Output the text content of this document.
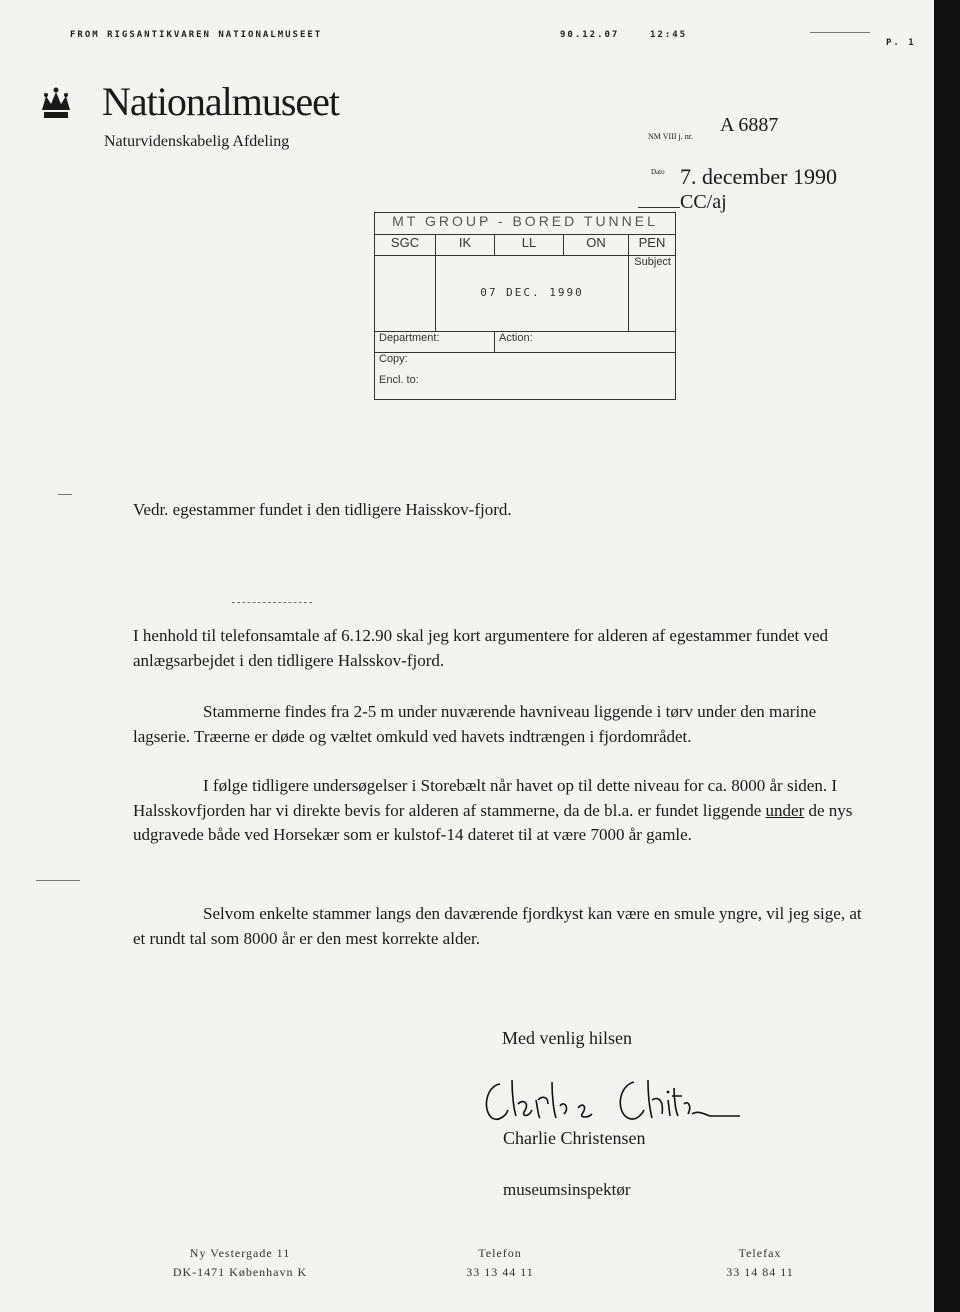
FROM RIGSANTIKVAREN NATIONALMUSEET	90.12.07	12:45
P. 1
Nationalmuseet
Naturvidenskabelig Afdeling	NM VIII j. nr.
A 6887
Dato 7. december 1990
CC/aj
MT GROUP - BORED TUNNEL				
SGC	IK	LL	ON	PEN
	07 DEC. 1990			Subject
Department:		Action:		
Copy:				
Encl. to:				
Vedr. egestammer fundet i den tidligere Haisskov-fjord.
I henhold til telefonsamtale af 6.12.90 skal jeg kort argumentere for alderen af egestammer fundet ved anlægsarbejdet i den tidligere Halsskov-fjord.
Stammerne findes fra 2-5 m under nuværende havniveau liggende i tørv under den marine lagserie. Træerne er døde og væltet omkuld ved havets indtrængen i fjordområdet.
I følge tidligere undersøgelser i Storebælt når havet op til dette niveau for ca. 8000 år siden. I Halsskovfjorden har vi direkte bevis for alderen af stammerne, da de bl.a. er fundet liggende under de nys udgravede både ved Horsekær som er kulstof-14 dateret til at være 7000 år gamle.
Selvom enkelte stammer langs den daværende fjordkyst kan være en smule yngre, vil jeg sige, at et rundt tal som 8000 år er den mest korrekte alder.
Med venlig hilsen
Charlie Christensen
museumsinspektør
Ny Vestergade 11
DK-1471 København K
Telefon
33 13 44 11
Telefax
33 14 84 11
